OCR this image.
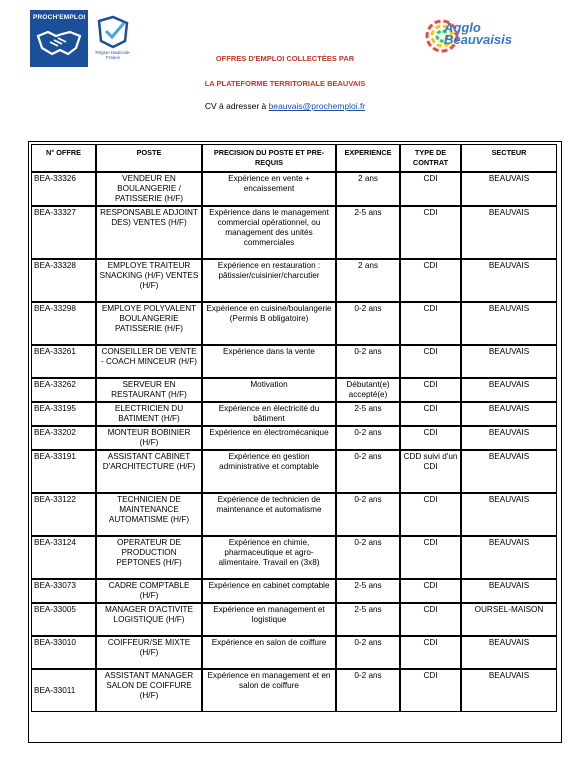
PROCH'EMPLOI
Région Hauts-de-France
Agglo
Beauvaisis
OFFRES D'EMPLOI COLLECTÉES PAR
LA PLATEFORME TERRITORIALE BEAUVAIS
CV à adresser à beauvais@prochemploi.fr
N° OFFRE	POSTE	PRECISION DU POSTE ET PRE-REQUIS	EXPERIENCE	TYPE DE CONTRAT	SECTEUR
BEA-33326	VENDEUR EN BOULANGERIE / PATISSERIE (H/F)	Expérience en vente + encaissement	2 ans	CDI	BEAUVAIS
BEA-33327	RESPONSABLE ADJOINT DES) VENTES (H/F)	Expérience dans le management commercial opérationnel, ou management des unités commerciales	2-5 ans	CDI	BEAUVAIS
BEA-33328	EMPLOYE TRAITEUR SNACKING (H/F) VENTES (H/F)	Expérience en restauration : pâtissier/cuisinier/charcutier	2 ans	CDI	BEAUVAIS
BEA-33298	EMPLOYE POLYVALENT BOULANGERIE PATISSERIE (H/F)	Expérience en cuisine/boulangerie (Permis B obligatoire)	0-2 ans	CDI	BEAUVAIS
BEA-33261	CONSEILLER DE VENTE - COACH MINCEUR (H/F)	Expérience dans la vente	0-2 ans	CDI	BEAUVAIS
BEA-33262	SERVEUR EN RESTAURANT (H/F)	Motivation	Débutant(e) accepté(e)	CDI	BEAUVAIS
BEA-33195	ELECTRICIEN DU BATIMENT (H/F)	Expérience en électricité du bâtiment	2-5 ans	CDI	BEAUVAIS
BEA-33202	MONTEUR BOBINIER (H/F)	Expérience en électromécanique	0-2 ans	CDI	BEAUVAIS
BEA-33191	ASSISTANT CABINET D'ARCHITECTURE (H/F)	Expérience en gestion administrative et comptable	0-2 ans	CDD suivi d'un CDI	BEAUVAIS
BEA-33122	TECHNICIEN DE MAINTENANCE AUTOMATISME (H/F)	Expérience de technicien de maintenance et automatisme	0-2 ans	CDI	BEAUVAIS
BEA-33124	OPERATEUR DE PRODUCTION PEPTONES (H/F)	Expérience en chimie, pharmaceutique et agro-alimentaire. Travail en (3x8)	0-2 ans	CDI	BEAUVAIS
BEA-33073	CADRE COMPTABLE (H/F)	Expérience en cabinet comptable	2-5 ans	CDI	BEAUVAIS
BEA-33005	MANAGER D'ACTIVITE LOGISTIQUE (H/F)	Expérience en management et logistique	2-5 ans	CDI	OURSEL-MAISON
BEA-33010	COIFFEUR/SE MIXTE (H/F)	Expérience en salon de coiffure	0-2 ans	CDI	BEAUVAIS
BEA-33011	ASSISTANT MANAGER SALON DE COIFFURE (H/F)	Expérience en management et en salon de coiffure	0-2 ans	CDI	BEAUVAIS
